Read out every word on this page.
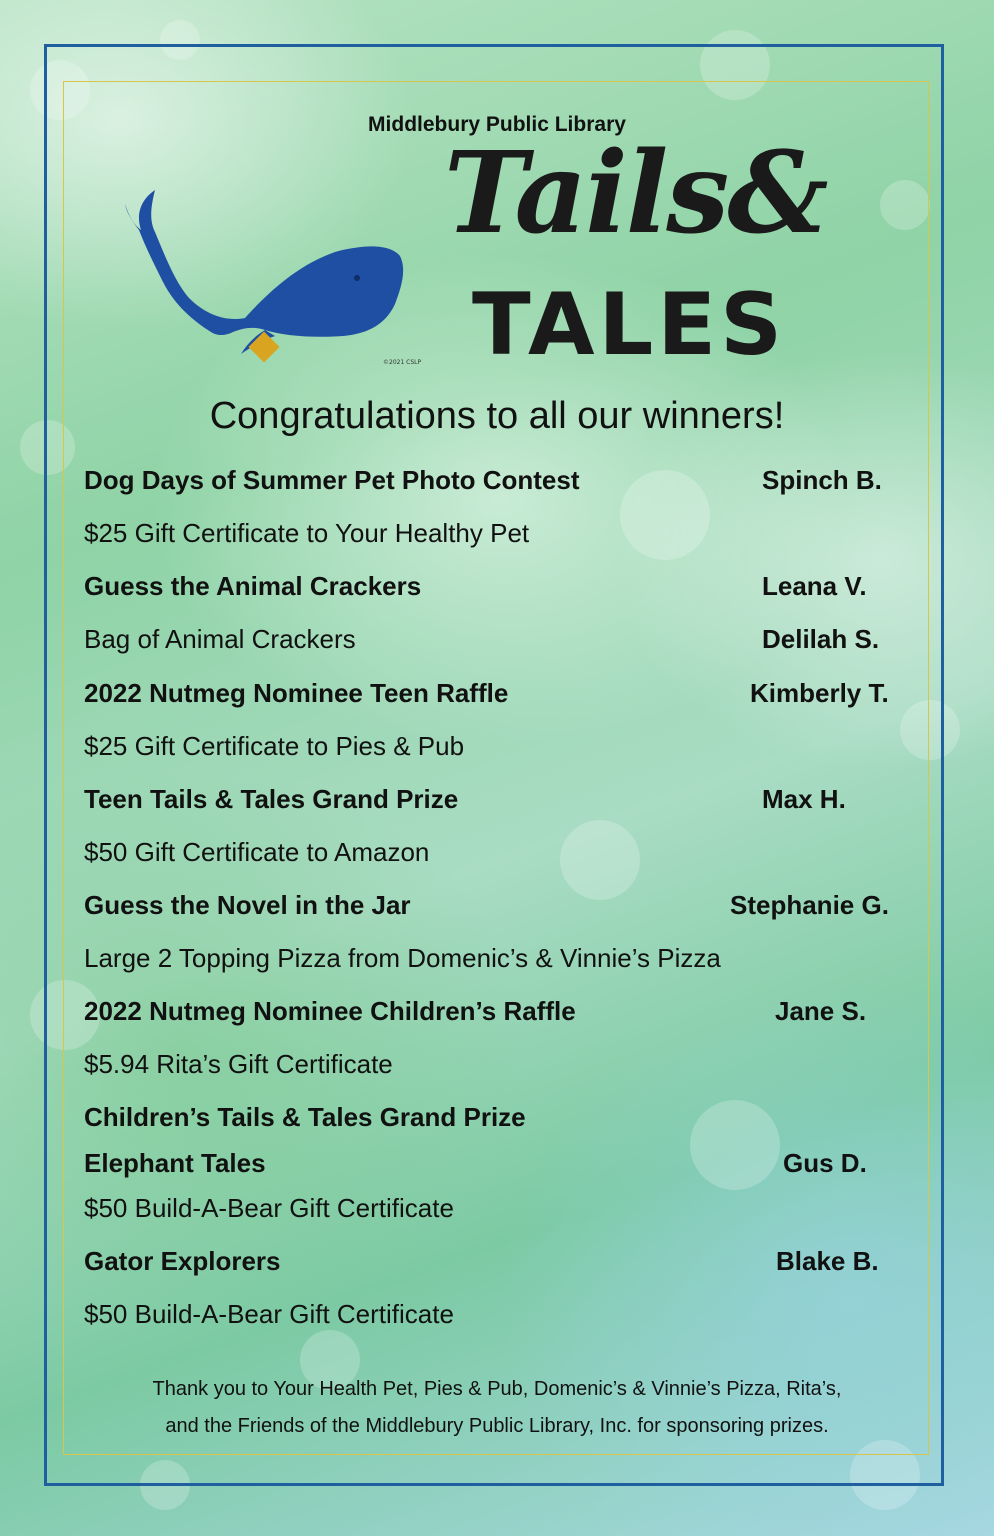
Middlebury Public Library
©2021 CSLP
Tails&
TALES
Congratulations to all our winners!
Dog Days of Summer Pet Photo Contest	Spinch B.
$25 Gift Certificate to Your Healthy Pet
Guess the Animal Crackers	Leana V.
Bag of Animal Crackers	Delilah S.
2022 Nutmeg Nominee Teen Raffle	Kimberly T.
$25 Gift Certificate to Pies & Pub
Teen Tails & Tales Grand Prize	Max H.
$50 Gift Certificate to Amazon
Guess the Novel in the Jar	Stephanie G.
Large 2 Topping Pizza from Domenic’s & Vinnie’s Pizza
2022 Nutmeg Nominee Children’s Raffle	Jane S.
$5.94 Rita’s Gift Certificate
Children’s Tails & Tales Grand Prize
Elephant Tales	Gus D.
$50 Build-A-Bear Gift Certificate
Gator Explorers	Blake B.
$50 Build-A-Bear Gift Certificate
Thank you to Your Health Pet, Pies & Pub, Domenic’s & Vinnie’s Pizza, Rita’s,
and the Friends of the Middlebury Public Library, Inc. for sponsoring prizes.
